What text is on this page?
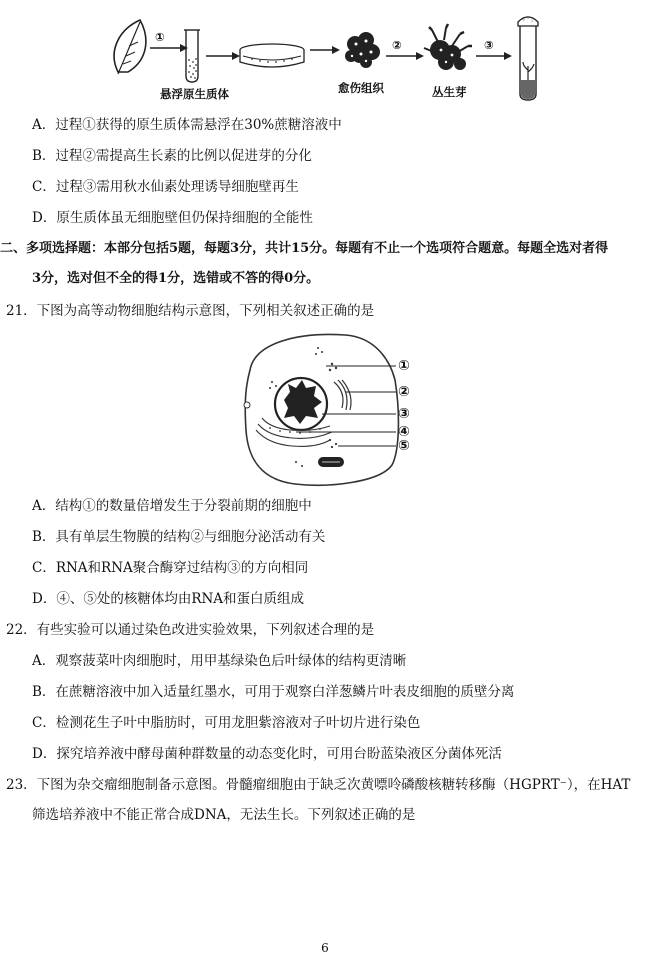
①
②	③
悬浮原生质体	愈伤组织	丛生芽
A．过程①获得的原生质体需悬浮在30%蔗糖溶液中
B．过程②需提高生长素的比例以促进芽的分化
C．过程③需用秋水仙素处理诱导细胞壁再生
D．原生质体虽无细胞壁但仍保持细胞的全能性
二、多项选择题：本部分包括5题，每题3分，共计15分。每题有不止一个选项符合题意。每题全选对者得
3分，选对但不全的得1分，选错或不答的得0分。
21．下图为高等动物细胞结构示意图，下列相关叙述正确的是
①
②
③
④
⑤
A．结构①的数量倍增发生于分裂前期的细胞中
B．具有单层生物膜的结构②与细胞分泌活动有关
C．RNA和RNA聚合酶穿过结构③的方向相同
D．④、⑤处的核糖体均由RNA和蛋白质组成
22．有些实验可以通过染色改进实验效果，下列叙述合理的是
A．观察菠菜叶肉细胞时，用甲基绿染色后叶绿体的结构更清晰
B．在蔗糖溶液中加入适量红墨水，可用于观察白洋葱鳞片叶表皮细胞的质壁分离
C．检测花生子叶中脂肪时，可用龙胆紫溶液对子叶切片进行染色
D．探究培养液中酵母菌种群数量的动态变化时，可用台盼蓝染液区分菌体死活
23．下图为杂交瘤细胞制备示意图。骨髓瘤细胞由于缺乏次黄嘌呤磷酸核糖转移酶（HGPRT⁻），在HAT
筛选培养液中不能正常合成DNA，无法生长。下列叙述正确的是
6
